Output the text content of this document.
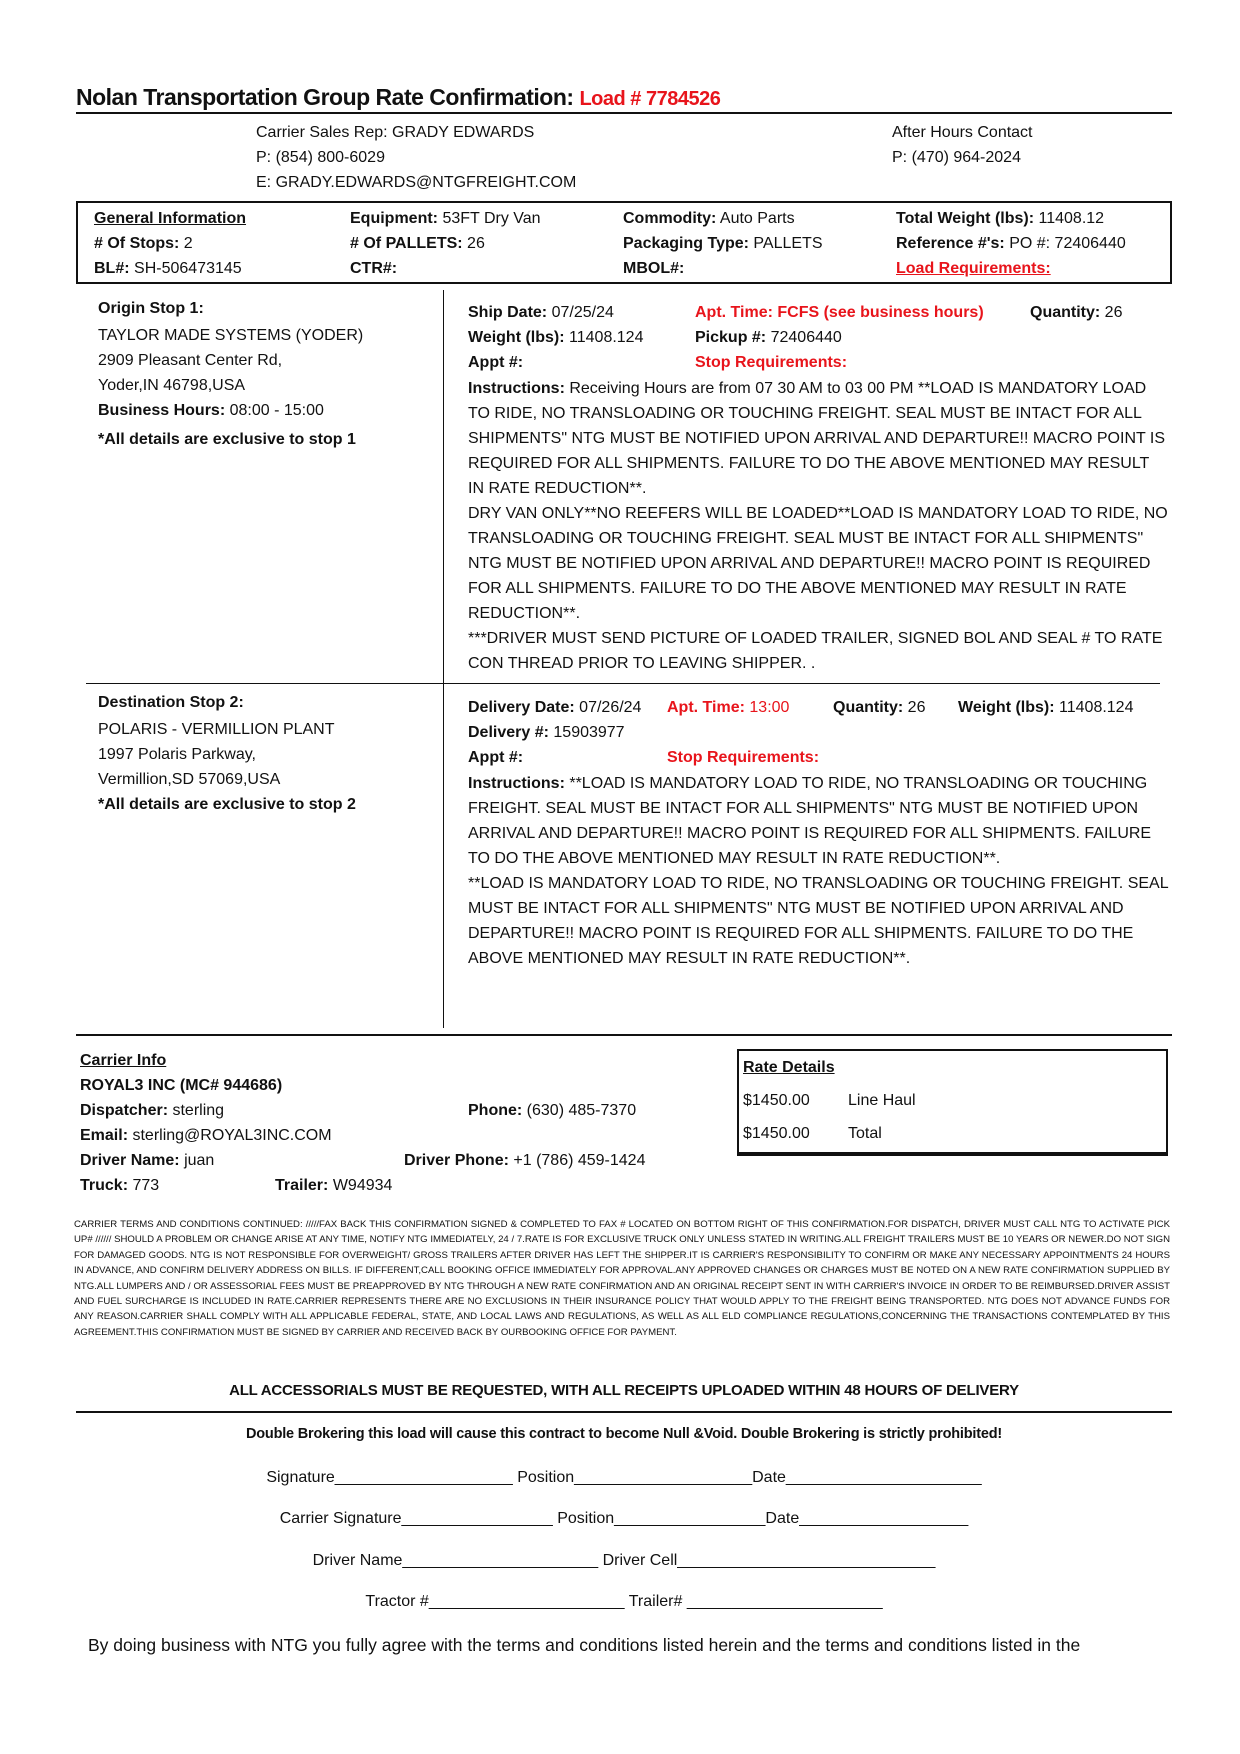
Nolan Transportation Group Rate Confirmation: Load # 7784526
Carrier Sales Rep: GRADY EDWARDS
P: (854) 800-6029
E: GRADY.EDWARDS@NTGFREIGHT.COM
After Hours Contact
P: (470) 964-2024
General Information	Equipment: 53FT Dry Van	Commodity: Auto Parts	Total Weight (lbs): 11408.12
# Of Stops: 2	# Of PALLETS: 26	Packaging Type: PALLETS	Reference #'s: PO #: 72406440
BL#: SH-506473145	CTR#:	MBOL#:	Load Requirements:
Origin Stop 1:
TAYLOR MADE SYSTEMS (YODER)
2909 Pleasant Center Rd,
Yoder,IN 46798,USA
Business Hours: 08:00 - 15:00
*All details are exclusive to stop 1
Ship Date: 07/25/24	Apt. Time: FCFS (see business hours)	Quantity: 26
Weight (lbs): 11408.124	Pickup #: 72406440
Appt #:	Stop Requirements:
Instructions: Receiving Hours are from 07 30 AM to 03 00 PM **LOAD IS MANDATORY LOAD TO RIDE, NO TRANSLOADING OR TOUCHING FREIGHT. SEAL MUST BE INTACT FOR ALL SHIPMENTS" NTG MUST BE NOTIFIED UPON ARRIVAL AND DEPARTURE!! MACRO POINT IS REQUIRED FOR ALL SHIPMENTS. FAILURE TO DO THE ABOVE MENTIONED MAY RESULT IN RATE REDUCTION**.
DRY VAN ONLY**NO REEFERS WILL BE LOADED**LOAD IS MANDATORY LOAD TO RIDE, NO TRANSLOADING OR TOUCHING FREIGHT. SEAL MUST BE INTACT FOR ALL SHIPMENTS" NTG MUST BE NOTIFIED UPON ARRIVAL AND DEPARTURE!! MACRO POINT IS REQUIRED FOR ALL SHIPMENTS. FAILURE TO DO THE ABOVE MENTIONED MAY RESULT IN RATE REDUCTION**.
***DRIVER MUST SEND PICTURE OF LOADED TRAILER, SIGNED BOL AND SEAL # TO RATE CON THREAD PRIOR TO LEAVING SHIPPER. .
Destination Stop 2:
POLARIS - VERMILLION PLANT
1997 Polaris Parkway,
Vermillion,SD 57069,USA
*All details are exclusive to stop 2
Delivery Date: 07/26/24 Apt. Time: 13:00	Quantity: 26 Weight (lbs): 11408.124
Delivery #: 15903977
Appt #:	Stop Requirements:
Instructions: **LOAD IS MANDATORY LOAD TO RIDE, NO TRANSLOADING OR TOUCHING FREIGHT. SEAL MUST BE INTACT FOR ALL SHIPMENTS" NTG MUST BE NOTIFIED UPON ARRIVAL AND DEPARTURE!! MACRO POINT IS REQUIRED FOR ALL SHIPMENTS. FAILURE TO DO THE ABOVE MENTIONED MAY RESULT IN RATE REDUCTION**.
**LOAD IS MANDATORY LOAD TO RIDE, NO TRANSLOADING OR TOUCHING FREIGHT. SEAL MUST BE INTACT FOR ALL SHIPMENTS" NTG MUST BE NOTIFIED UPON ARRIVAL AND DEPARTURE!! MACRO POINT IS REQUIRED FOR ALL SHIPMENTS. FAILURE TO DO THE ABOVE MENTIONED MAY RESULT IN RATE REDUCTION**.
Carrier Info
ROYAL3 INC (MC# 944686)
Dispatcher: sterling	Phone: (630) 485-7370
Email: sterling@ROYAL3INC.COM
Driver Name: juan	Driver Phone: +1 (786) 459-1424
Truck: 773	Trailer: W94934
Rate Details
$1450.00 Line Haul
$1450.00 Total
CARRIER TERMS AND CONDITIONS CONTINUED: /////FAX BACK THIS CONFIRMATION SIGNED & COMPLETED TO FAX # LOCATED ON BOTTOM RIGHT OF THIS CONFIRMATION.FOR DISPATCH, DRIVER MUST CALL NTG TO ACTIVATE PICK UP# ////// SHOULD A PROBLEM OR CHANGE ARISE AT ANY TIME, NOTIFY NTG IMMEDIATELY, 24 / 7.RATE IS FOR EXCLUSIVE TRUCK ONLY UNLESS STATED IN WRITING.ALL FREIGHT TRAILERS MUST BE 10 YEARS OR NEWER.DO NOT SIGN FOR DAMAGED GOODS. NTG IS NOT RESPONSIBLE FOR OVERWEIGHT/ GROSS TRAILERS AFTER DRIVER HAS LEFT THE SHIPPER.IT IS CARRIER'S RESPONSIBILITY TO CONFIRM OR MAKE ANY NECESSARY APPOINTMENTS 24 HOURS IN ADVANCE, AND CONFIRM DELIVERY ADDRESS ON BILLS. IF DIFFERENT,CALL BOOKING OFFICE IMMEDIATELY FOR APPROVAL.ANY APPROVED CHANGES OR CHARGES MUST BE NOTED ON A NEW RATE CONFIRMATION SUPPLIED BY NTG.ALL LUMPERS AND / OR ASSESSORIAL FEES MUST BE PREAPPROVED BY NTG THROUGH A NEW RATE CONFIRMATION AND AN ORIGINAL RECEIPT SENT IN WITH CARRIER'S INVOICE IN ORDER TO BE REIMBURSED.DRIVER ASSIST AND FUEL SURCHARGE IS INCLUDED IN RATE.CARRIER REPRESENTS THERE ARE NO EXCLUSIONS IN THEIR INSURANCE POLICY THAT WOULD APPLY TO THE FREIGHT BEING TRANSPORTED. NTG DOES NOT ADVANCE FUNDS FOR ANY REASON.CARRIER SHALL COMPLY WITH ALL APPLICABLE FEDERAL, STATE, AND LOCAL LAWS AND REGULATIONS, AS WELL AS ALL ELD COMPLIANCE REGULATIONS,CONCERNING THE TRANSACTIONS CONTEMPLATED BY THIS AGREEMENT.THIS CONFIRMATION MUST BE SIGNED BY CARRIER AND RECEIVED BACK BY OURBOOKING OFFICE FOR PAYMENT.
ALL ACCESSORIALS MUST BE REQUESTED, WITH ALL RECEIPTS UPLOADED WITHIN 48 HOURS OF DELIVERY
Double Brokering this load will cause this contract to become Null &Void. Double Brokering is strictly prohibited!
Signature____________________ Position____________________Date______________________
Carrier Signature_________________ Position_________________Date___________________
Driver Name______________________ Driver Cell_____________________________
Tractor #______________________ Trailer# ______________________
By doing business with NTG you fully agree with the terms and conditions listed herein and the terms and conditions listed in the
